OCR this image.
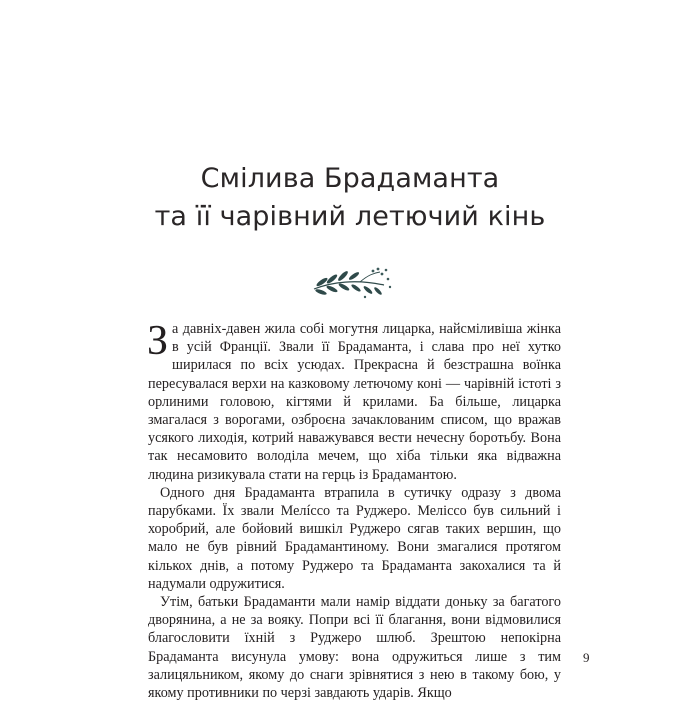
Смілива Брадаманта
та її чарівний летючий кінь

За давніх-давен жила собі могутня лицарка, найсміливіша жінка в усій Франції. Звали її Брадаманта, і слава про неї хутко ширилася по всіх усюдах. Прекрасна й безстрашна воїнка пересувалася верхи на казковому летючому коні — чарівній істоті з орлиними головою, кігтями й крилами. Ба більше, лицарка змагалася з ворогами, озброєна зачаклованим списом, що вражав усякого лиходія, котрий наважувався вести нечесну боротьбу. Вона так несамовито володіла мечем, що хіба тільки яка відважна людина ризикувала стати на герць із Брадамантою.

Одного дня Брадаманта втрапила в сутичку одразу з двома парубками. Їх звали Мелíссо та Руджеро. Меліссо був сильний і хоробрий, але бойовий вишкіл Руджеро сягав таких вершин, що мало не був рівний Брадамантиному. Вони змагалися протягом кількох днів, а потому Руджеро та Брадаманта закохалися та й надумали одружитися.

Утім, батьки Брадаманти мали намір віддати доньку за багатого дворянина, а не за вояку. Попри всі її благання, вони відмовилися благословити їхній з Руджеро шлюб. Зрештою непокірна Брадаманта висунула умову: вона одружиться лише з тим залицяльником, якому до снаги зрівнятися з нею в такому бою, у якому противники по черзі завдають ударів. Якщо

9
